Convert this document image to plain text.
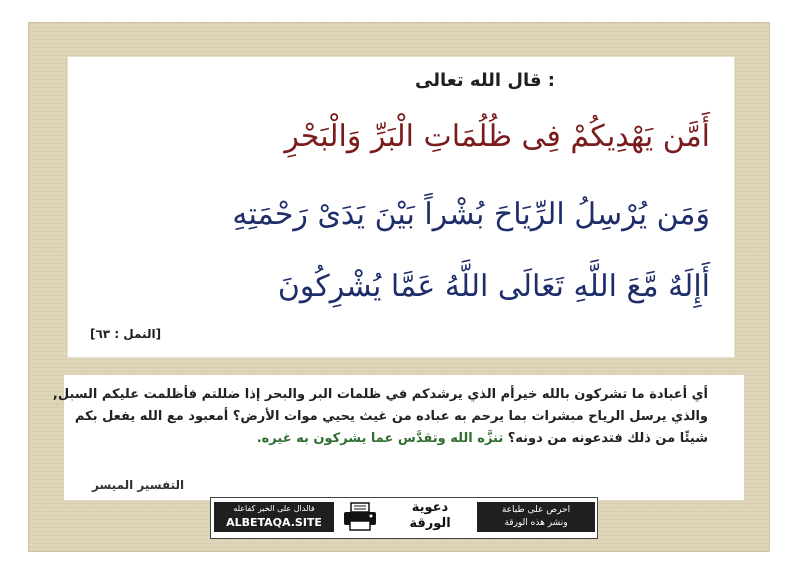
قال الله تعالى :
أَمَّن يَهْدِيكُمْ فِى ظُلُمَاتِ الْبَرِّ وَالْبَحْرِ
وَمَن يُرْسِلُ الرِّيَاحَ بُشْراً بَيْنَ يَدَىْ رَحْمَتِهِ
أَإِلَهٌ مَّعَ اللَّهِ تَعَالَى اللَّهُ عَمَّا يُشْرِكُونَ
[النمل : ٦٣]
أي أعبادة ما تشركون بالله خيرأم الذي يرشدكم في ظلمات البر والبحر إذا ضللتم فأظلمت عليكم السبل,
والذي يرسل الرياح مبشرات بما يرحم به عباده من غيث يحيي موات الأرض؟ أمعبود مع الله يفعل بكم
شيئًا من ذلك فتدعونه من دونه؟ تنزَّه الله وتقدَّس عما يشركون به غيره.
التفسير الميسر
فالدال على الخير كفاعله
ALBETAQA.SITE
دعوية
الورقة
احرص على طباعة
ونشر هذه الورقة
